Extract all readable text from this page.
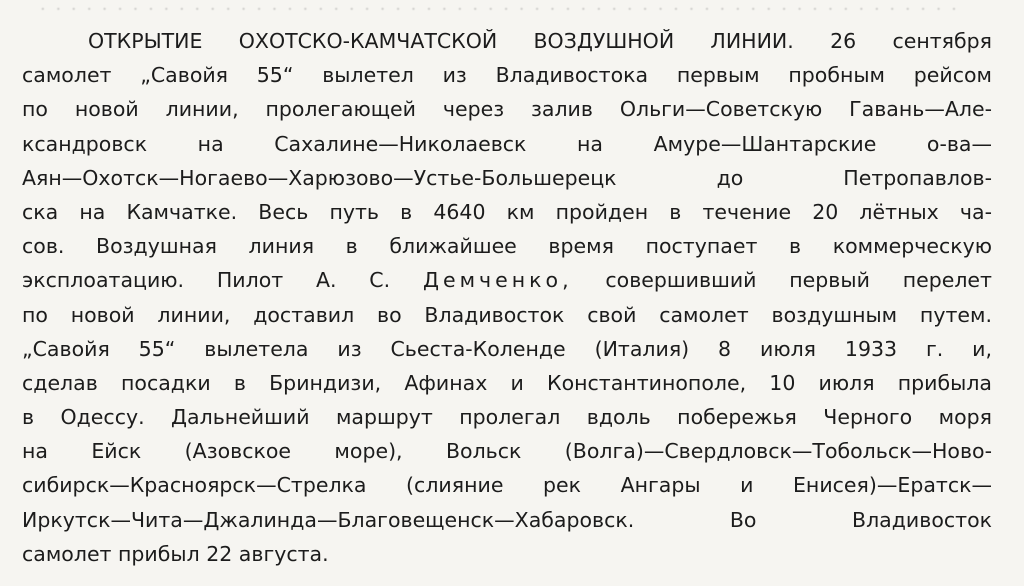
· · · · · · · · · · · · · · · · · · · · · · · · · · · · · · · · · · · · · · · · · · · · · · · · · · · · · · · · · · · ·
ОТКРЫТИЕ ОХОТСКО-КАМЧАТСКОЙ ВОЗДУШНОЙ ЛИНИИ. 26 сентября
самолет „Савойя 55“ вылетел из Владивостока первым пробным рейсом
по новой линии, пролегающей через залив Ольги—Советскую Гавань—Але-
ксандровск на Сахалине—Николаевск на Амуре—Шантарские о-ва—
Аян—Охотск—Ногаево—Харюзово—Устье-Большерецк до Петропавлов-
ска на Камчатке. Весь путь в 4640 км пройден в течение 20 лётных ча-
сов. Воздушная линия в ближайшее время поступает в коммерческую
эксплоатацию. Пилот А. С. Демченко, совершивший первый перелет
по новой линии, доставил во Владивосток свой самолет воздушным путем.
„Савойя 55“ вылетела из Сьеста-Коленде (Италия) 8 июля 1933 г. и,
сделав посадки в Бриндизи, Афинах и Константинополе, 10 июля прибыла
в Одессу. Дальнейший маршрут пролегал вдоль побережья Черного моря
на Ейск (Азовское море), Вольск (Волга)—Свердловск—Тобольск—Ново-
сибирск—Красноярск—Стрелка (слияние рек Ангары и Енисея)—Ератск—
Иркутск—Чита—Джалинда—Благовещенск—Хабаровск. Во Владивосток
самолет прибыл 22 августа.
